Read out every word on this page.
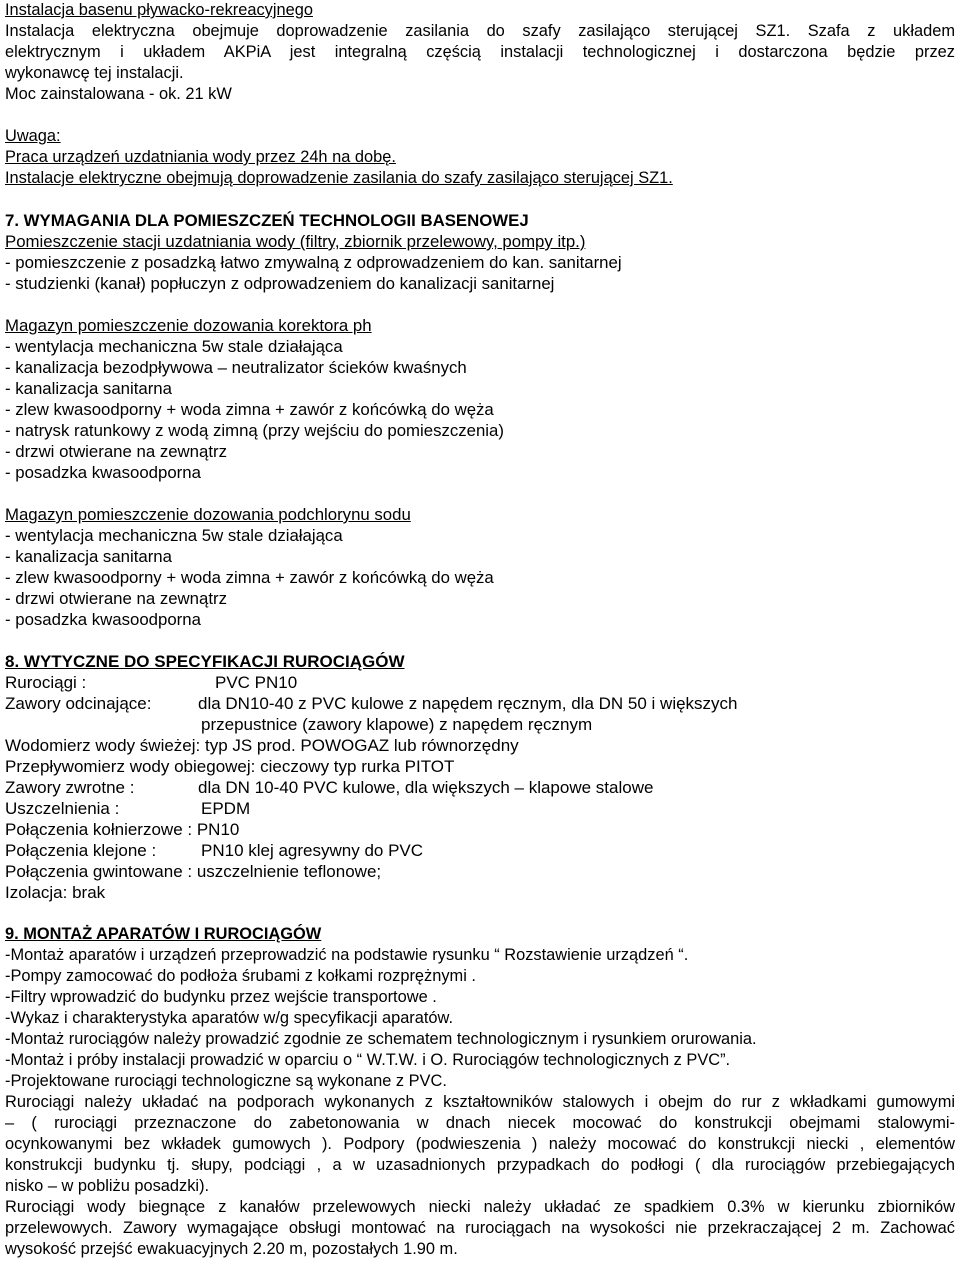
Instalacja basenu pływacko-rekreacyjnego
Instalacja elektryczna obejmuje doprowadzenie zasilania do szafy zasilająco sterującej SZ1. Szafa z układem
elektrycznym i układem AKPiA jest integralną częścią instalacji technologicznej i dostarczona będzie przez
wykonawcę tej instalacji.
Moc zainstalowana - ok. 21 kW
Uwaga:
Praca urządzeń uzdatniania wody przez 24h na dobę.
Instalacje elektryczne obejmują doprowadzenie zasilania do szafy zasilająco sterującej SZ1.
7. WYMAGANIA DLA POMIESZCZEŃ TECHNOLOGII BASENOWEJ
Pomieszczenie stacji uzdatniania wody (filtry, zbiornik przelewowy, pompy itp.)
- pomieszczenie z posadzką łatwo zmywalną z odprowadzeniem do kan. sanitarnej
- studzienki (kanał) popłuczyn z odprowadzeniem do kanalizacji sanitarnej
Magazyn pomieszczenie dozowania korektora ph
- wentylacja mechaniczna 5w stale działająca
- kanalizacja bezodpływowa – neutralizator ścieków kwaśnych
- kanalizacja sanitarna
- zlew kwasoodporny + woda zimna + zawór z końcówką do węża
- natrysk ratunkowy z wodą zimną (przy wejściu do pomieszczenia)
- drzwi otwierane na zewnątrz
- posadzka kwasoodporna
Magazyn pomieszczenie dozowania podchlorynu sodu
- wentylacja mechaniczna 5w stale działająca
- kanalizacja sanitarna
- zlew kwasoodporny + woda zimna + zawór z końcówką do węża
- drzwi otwierane na zewnątrz
- posadzka kwasoodporna
8. WYTYCZNE DO SPECYFIKACJI RUROCIĄGÓW
Rurociągi :	PVC PN10
Zawory odcinające:	dla DN10-40 z PVC kulowe z napędem ręcznym, dla DN 50 i większych
przepustnice (zawory klapowe) z napędem ręcznym
Wodomierz wody świeżej: typ JS prod. POWOGAZ lub równorzędny
Przepływomierz wody obiegowej: cieczowy typ rurka PITOT
Zawory zwrotne :	dla DN 10-40 PVC kulowe, dla większych – klapowe stalowe
Uszczelnienia :	EPDM
Połączenia kołnierzowe : PN10
Połączenia klejone :	PN10 klej agresywny do PVC
Połączenia gwintowane : uszczelnienie teflonowe;
Izolacja: brak
9. MONTAŻ APARATÓW I RUROCIĄGÓW
-Montaż aparatów i urządzeń przeprowadzić na podstawie rysunku “ Rozstawienie urządzeń “.
-Pompy zamocować do podłoża śrubami z kołkami rozprężnymi .
-Filtry wprowadzić do budynku przez wejście transportowe .
-Wykaz i charakterystyka aparatów w/g specyfikacji aparatów.
-Montaż rurociągów należy prowadzić zgodnie ze schematem technologicznym i rysunkiem orurowania.
-Montaż i próby instalacji prowadzić w oparciu o “ W.T.W. i O. Rurociągów technologicznych z PVC”.
-Projektowane rurociągi technologiczne są wykonane z PVC.
Rurociągi należy układać na podporach wykonanych z kształtowników stalowych i obejm do rur z wkładkami gumowymi
– ( rurociągi przeznaczone do zabetonowania w dnach niecek mocować do konstrukcji obejmami stalowymi-
ocynkowanymi bez wkładek gumowych ). Podpory (podwieszenia ) należy mocować do konstrukcji niecki , elementów
konstrukcji budynku tj. słupy, podciągi , a w uzasadnionych przypadkach do podłogi ( dla rurociągów przebiegających
nisko – w pobliżu posadzki).
Rurociągi wody biegnące z kanałów przelewowych niecki należy układać ze spadkiem 0.3% w kierunku zbiorników
przelewowych. Zawory wymagające obsługi montować na rurociągach na wysokości nie przekraczającej 2 m. Zachować
wysokość przejść ewakuacyjnych 2.20 m, pozostałych 1.90 m.
